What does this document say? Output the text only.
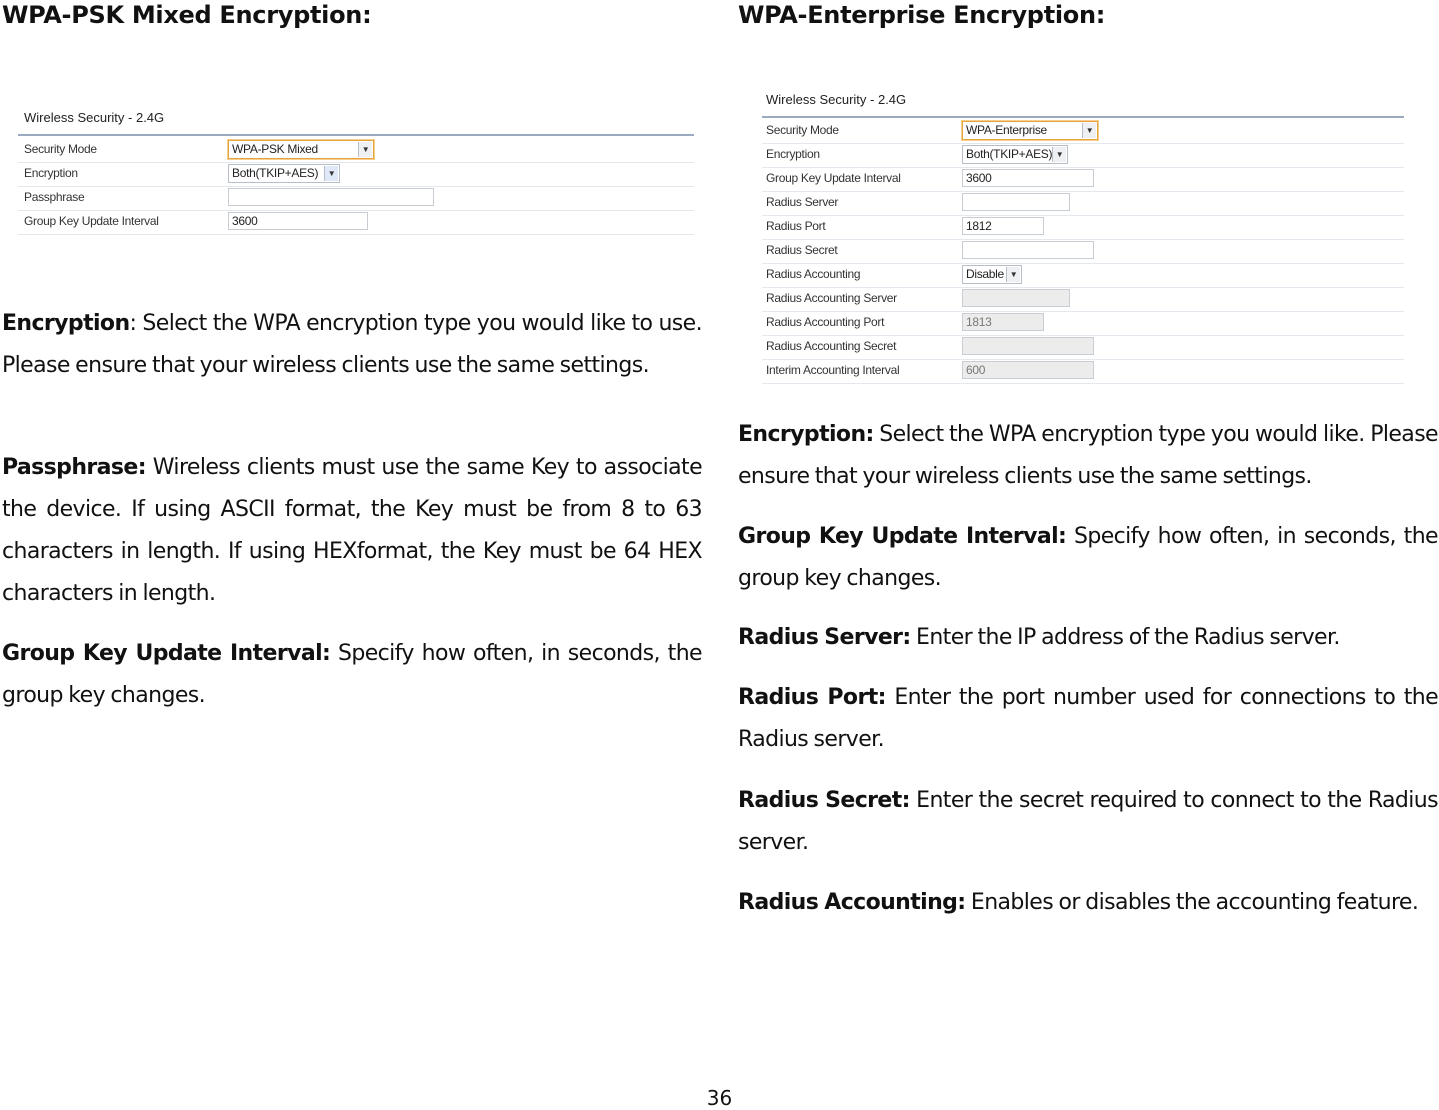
WPA-PSK Mixed Encryption:
Wireless Security - 2.4G
Security Mode	WPA-PSK Mixed	▼
Encryption	Both(TKIP+AES)	▼
Passphrase
Group Key Update Interval	3600

Encryption: Select the WPA encryption type you would like to use. Please ensure that your wireless clients use the same settings.

Passphrase: Wireless clients must use the same Key to associate the device. If using ASCII format, the Key must be from 8 to 63 characters in length. If using HEXformat, the Key must be 64 HEX characters in length.

Group Key Update Interval: Specify how often, in seconds, the group key changes.

WPA-Enterprise Encryption:
Wireless Security - 2.4G
Security Mode	WPA-Enterprise	▼
Encryption	Both(TKIP+AES) ▼
Group Key Update Interval	3600
Radius Server
Radius Port	1812
Radius Secret
Radius Accounting	Disable ▼
Radius Accounting Server
Radius Accounting Port	1813
Radius Accounting Secret
Interim Accounting Interval	600

Encryption: Select the WPA encryption type you would like. Please ensure that your wireless clients use the same settings.

Group Key Update Interval: Specify how often, in seconds, the group key changes.

Radius Server: Enter the IP address of the Radius server.

Radius Port: Enter the port number used for connections to the Radius server.

Radius Secret: Enter the secret required to connect to the Radius server.

Radius Accounting: Enables or disables the accounting feature.

36
